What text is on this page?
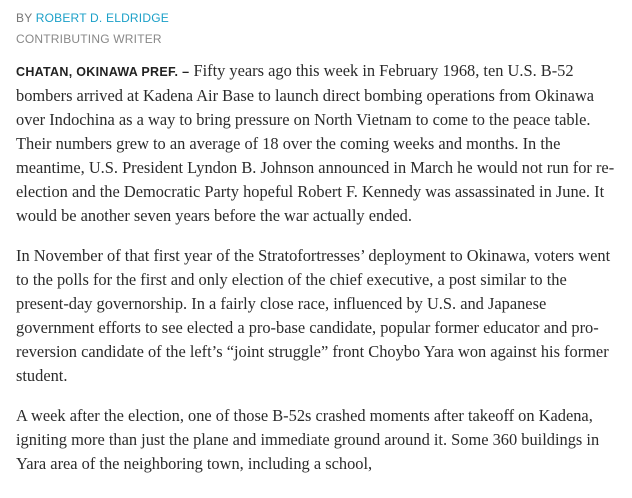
BY ROBERT D. ELDRIDGE
CONTRIBUTING WRITER

CHATAN, OKINAWA PREF. – Fifty years ago this week in February 1968, ten U.S. B-52 bombers arrived at Kadena Air Base to launch direct bombing operations from Okinawa over Indochina as a way to bring pressure on North Vietnam to come to the peace table. Their numbers grew to an average of 18 over the coming weeks and months. In the meantime, U.S. President Lyndon B. Johnson announced in March he would not run for re-election and the Democratic Party hopeful Robert F. Kennedy was assassinated in June. It would be another seven years before the war actually ended.

In November of that first year of the Stratofortresses’ deployment to Okinawa, voters went to the polls for the first and only election of the chief executive, a post similar to the present-day governorship. In a fairly close race, influenced by U.S. and Japanese government efforts to see elected a pro-base candidate, popular former educator and pro-reversion candidate of the left’s “joint struggle” front Choybo Yara won against his former student.

A week after the election, one of those B-52s crashed moments after takeoff on Kadena, igniting more than just the plane and immediate ground around it. Some 360 buildings in Yara area of the neighboring town, including a school,
